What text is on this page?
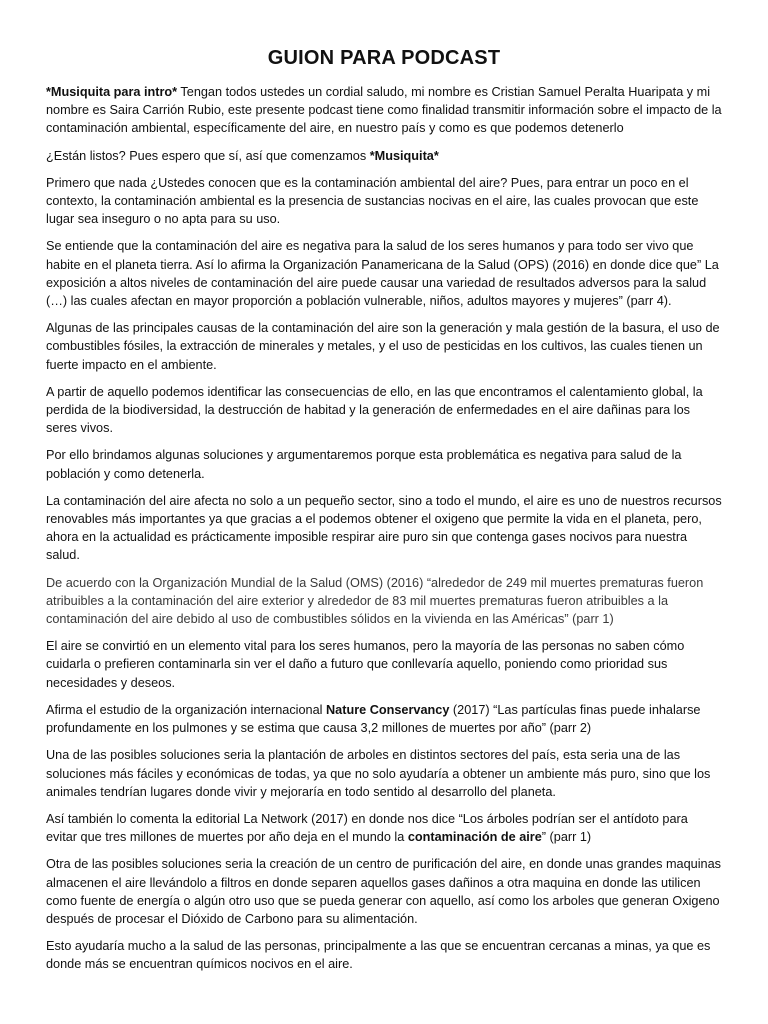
GUION PARA PODCAST

*Musiquita para intro* Tengan todos ustedes un cordial saludo, mi nombre es Cristian Samuel Peralta Huaripata y mi nombre es Saira Carrión Rubio, este presente podcast tiene como finalidad transmitir información sobre el impacto de la contaminación ambiental, específicamente del aire, en nuestro país y como es que podemos detenerlo

¿Están listos? Pues espero que sí, así que comenzamos *Musiquita*

Primero que nada ¿Ustedes conocen que es la contaminación ambiental del aire? Pues, para entrar un poco en el contexto, la contaminación ambiental es la presencia de sustancias nocivas en el aire, las cuales provocan que este lugar sea inseguro o no apta para su uso.

Se entiende que la contaminación del aire es negativa para la salud de los seres humanos y para todo ser vivo que habite en el planeta tierra. Así lo afirma la Organización Panamericana de la Salud (OPS) (2016) en donde dice que” La exposición a altos niveles de contaminación del aire puede causar una variedad de resultados adversos para la salud (…) las cuales afectan en mayor proporción a población vulnerable, niños, adultos mayores y mujeres” (parr 4).

Algunas de las principales causas de la contaminación del aire son la generación y mala gestión de la basura, el uso de combustibles fósiles, la extracción de minerales y metales, y el uso de pesticidas en los cultivos, las cuales tienen un fuerte impacto en el ambiente.

A partir de aquello podemos identificar las consecuencias de ello, en las que encontramos el calentamiento global, la perdida de la biodiversidad, la destrucción de habitad y la generación de enfermedades en el aire dañinas para los seres vivos.

Por ello brindamos algunas soluciones y argumentaremos porque esta problemática es negativa para salud de la población y como detenerla.

La contaminación del aire afecta no solo a un pequeño sector, sino a todo el mundo, el aire es uno de nuestros recursos renovables más importantes ya que gracias a el podemos obtener el oxigeno que permite la vida en el planeta, pero, ahora en la actualidad es prácticamente imposible respirar aire puro sin que contenga gases nocivos para nuestra salud.

De acuerdo con la Organización Mundial de la Salud (OMS) (2016) “alrededor de 249 mil muertes prematuras fueron atribuibles a la contaminación del aire exterior y alrededor de 83 mil muertes prematuras fueron atribuibles a la contaminación del aire debido al uso de combustibles sólidos en la vivienda en las Américas” (parr 1)

El aire se convirtió en un elemento vital para los seres humanos, pero la mayoría de las personas no saben cómo cuidarla o prefieren contaminarla sin ver el daño a futuro que conllevaría aquello, poniendo como prioridad sus necesidades y deseos.

Afirma el estudio de la organización internacional Nature Conservancy (2017) “Las partículas finas puede inhalarse profundamente en los pulmones y se estima que causa 3,2 millones de muertes por año” (parr 2)

Una de las posibles soluciones seria la plantación de arboles en distintos sectores del país, esta seria una de las soluciones más fáciles y económicas de todas, ya que no solo ayudaría a obtener un ambiente más puro, sino que los animales tendrían lugares donde vivir y mejoraría en todo sentido al desarrollo del planeta.

Así también lo comenta la editorial La Network (2017) en donde nos dice “Los árboles podrían ser el antídoto para evitar que tres millones de muertes por año deja en el mundo la contaminación de aire” (parr 1)

Otra de las posibles soluciones seria la creación de un centro de purificación del aire, en donde unas grandes maquinas almacenen el aire llevándolo a filtros en donde separen aquellos gases dañinos a otra maquina en donde las utilicen como fuente de energía o algún otro uso que se pueda generar con aquello, así como los arboles que generan Oxigeno después de procesar el Dióxido de Carbono para su alimentación.

Esto ayudaría mucho a la salud de las personas, principalmente a las que se encuentran cercanas a minas, ya que es donde más se encuentran químicos nocivos en el aire.
